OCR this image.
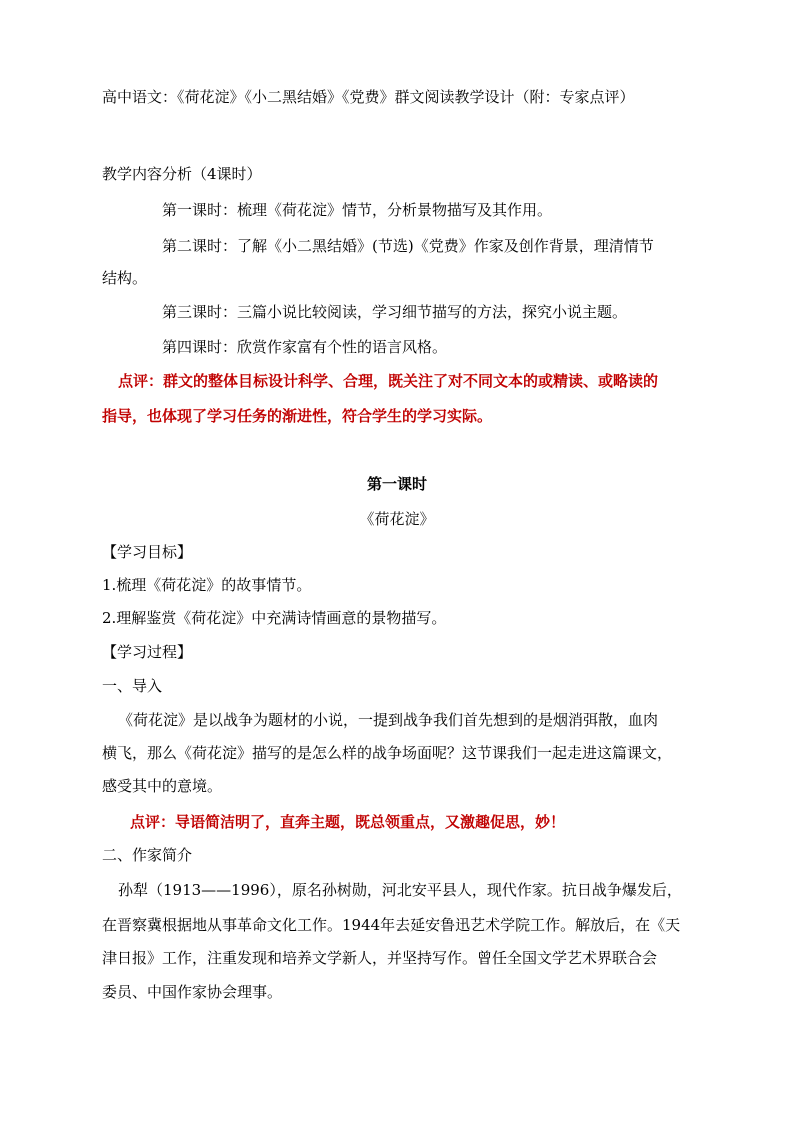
高中语文：《荷花淀》《小二黑结婚》《党费》群文阅读教学设计（附：专家点评）
教学内容分析（4课时）
第一课时：梳理《荷花淀》情节，分析景物描写及其作用。
第二课时：了解《小二黑结婚》(节选)《党费》作家及创作背景，理清情节
结构。
第三课时：三篇小说比较阅读，学习细节描写的方法，探究小说主题。
第四课时：欣赏作家富有个性的语言风格。
点评：群文的整体目标设计科学、合理，既关注了对不同文本的或精读、或略读的
指导，也体现了学习任务的渐进性，符合学生的学习实际。
第一课时
《荷花淀》
【学习目标】
1.梳理《荷花淀》的故事情节。
2.理解鉴赏《荷花淀》中充满诗情画意的景物描写。
【学习过程】
一、导入
《荷花淀》是以战争为题材的小说，一提到战争我们首先想到的是烟消弭散，血肉
横飞，那么《荷花淀》描写的是怎么样的战争场面呢？这节课我们一起走进这篇课文，
感受其中的意境。
点评：导语简洁明了，直奔主题，既总领重点，又激趣促思，妙！
二、作家简介
孙犁（1913——1996），原名孙树勋，河北安平县人，现代作家。抗日战争爆发后，
在晋察冀根据地从事革命文化工作。1944年去延安鲁迅艺术学院工作。解放后，在《天
津日报》工作，注重发现和培养文学新人，并坚持写作。曾任全国文学艺术界联合会
委员、中国作家协会理事。
